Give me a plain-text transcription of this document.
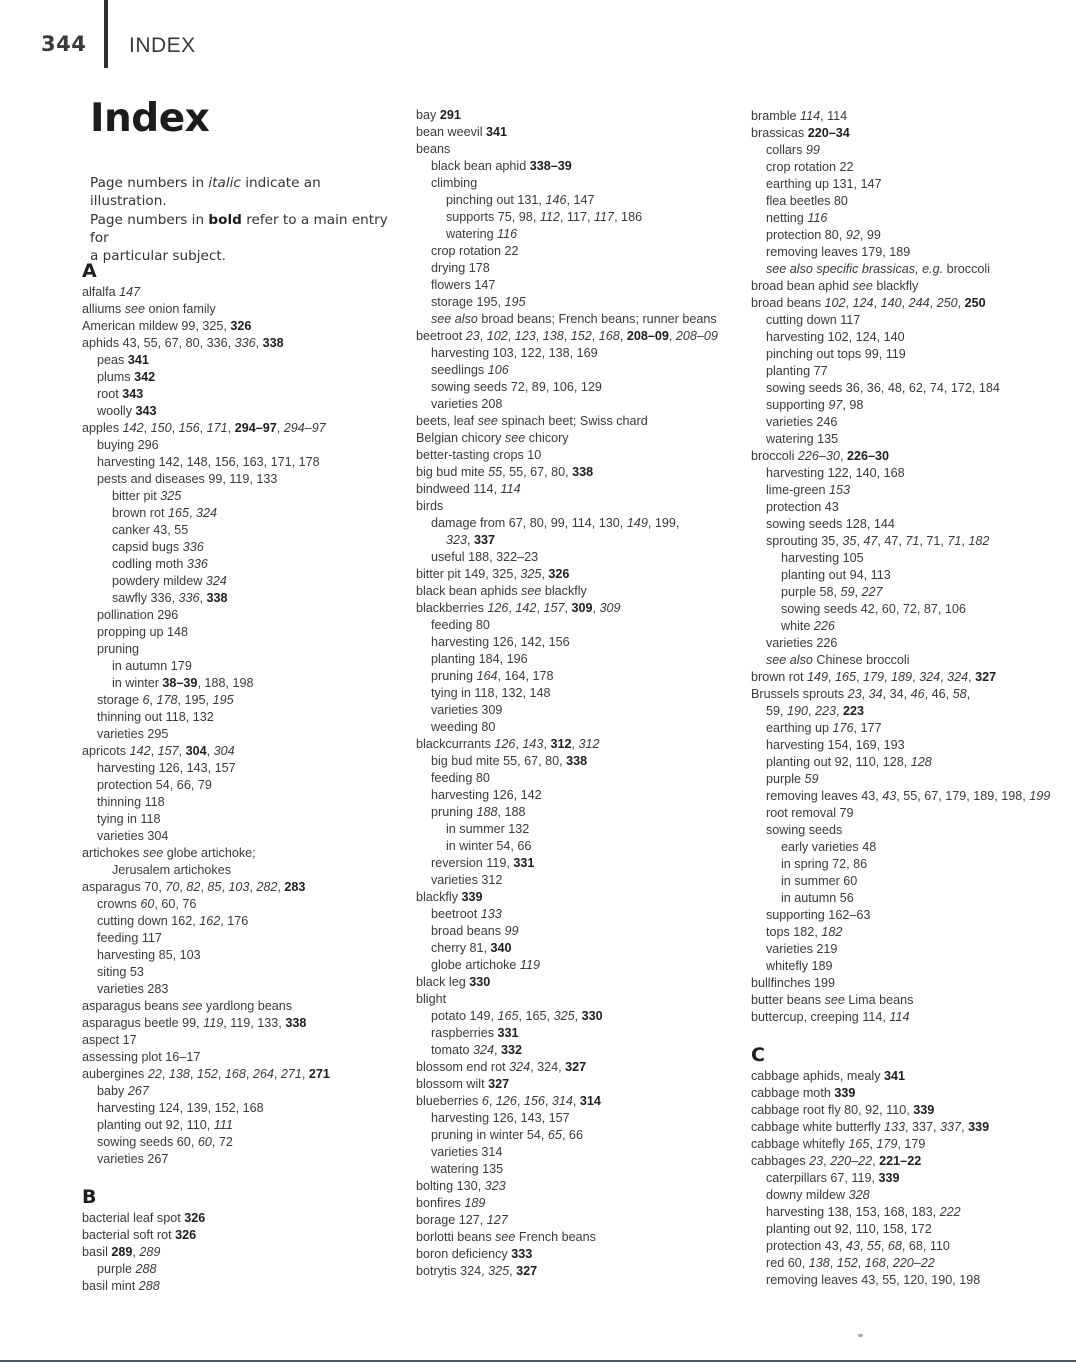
344 INDEX
Index
Page numbers in italic indicate an illustration.
Page numbers in bold refer to a main entry for
a particular subject.
A
alfalfa 147
alliums see onion family
American mildew 99, 325, 326
aphids 43, 55, 67, 80, 336, 336, 338
peas 341
plums 342
root 343
woolly 343
apples 142, 150, 156, 171, 294–97, 294–97
buying 296
harvesting 142, 148, 156, 163, 171, 178
pests and diseases 99, 119, 133
bitter pit 325
brown rot 165, 324
canker 43, 55
capsid bugs 336
codling moth 336
powdery mildew 324
sawfly 336, 336, 338
pollination 296
propping up 148
pruning
in autumn 179
in winter 38–39, 188, 198
storage 6, 178, 195, 195
thinning out 118, 132
varieties 295
apricots 142, 157, 304, 304
harvesting 126, 143, 157
protection 54, 66, 79
thinning 118
tying in 118
varieties 304
artichokes see globe artichoke;
Jerusalem artichokes
asparagus 70, 70, 82, 85, 103, 282, 283
crowns 60, 60, 76
cutting down 162, 162, 176
feeding 117
harvesting 85, 103
siting 53
varieties 283
asparagus beans see yardlong beans
asparagus beetle 99, 119, 119, 133, 338
aspect 17
assessing plot 16–17
aubergines 22, 138, 152, 168, 264, 271, 271
baby 267
harvesting 124, 139, 152, 168
planting out 92, 110, 111
sowing seeds 60, 60, 72
varieties 267
B
bacterial leaf spot 326
bacterial soft rot 326
basil 289, 289
purple 288
basil mint 288
bay 291
bean weevil 341
beans
black bean aphid 338–39
climbing
pinching out 131, 146, 147
supports 75, 98, 112, 117, 117, 186
watering 116
crop rotation 22
drying 178
flowers 147
storage 195, 195
see also broad beans; French beans; runner beans
beetroot 23, 102, 123, 138, 152, 168, 208–09, 208–09
harvesting 103, 122, 138, 169
seedlings 106
sowing seeds 72, 89, 106, 129
varieties 208
beets, leaf see spinach beet; Swiss chard
Belgian chicory see chicory
better-tasting crops 10
big bud mite 55, 55, 67, 80, 338
bindweed 114, 114
birds
damage from 67, 80, 99, 114, 130, 149, 199,
323, 337
useful 188, 322–23
bitter pit 149, 325, 325, 326
black bean aphids see blackfly
blackberries 126, 142, 157, 309, 309
feeding 80
harvesting 126, 142, 156
planting 184, 196
pruning 164, 164, 178
tying in 118, 132, 148
varieties 309
weeding 80
blackcurrants 126, 143, 312, 312
big bud mite 55, 67, 80, 338
feeding 80
harvesting 126, 142
pruning 188, 188
in summer 132
in winter 54, 66
reversion 119, 331
varieties 312
blackfly 339
beetroot 133
broad beans 99
cherry 81, 340
globe artichoke 119
black leg 330
blight
potato 149, 165, 165, 325, 330
raspberries 331
tomato 324, 332
blossom end rot 324, 324, 327
blossom wilt 327
blueberries 6, 126, 156, 314, 314
harvesting 126, 143, 157
pruning in winter 54, 65, 66
varieties 314
watering 135
bolting 130, 323
bonfires 189
borage 127, 127
borlotti beans see French beans
boron deficiency 333
botrytis 324, 325, 327
bramble 114, 114
brassicas 220–34
collars 99
crop rotation 22
earthing up 131, 147
flea beetles 80
netting 116
protection 80, 92, 99
removing leaves 179, 189
see also specific brassicas, e.g. broccoli
broad bean aphid see blackfly
broad beans 102, 124, 140, 244, 250, 250
cutting down 117
harvesting 102, 124, 140
pinching out tops 99, 119
planting 77
sowing seeds 36, 36, 48, 62, 74, 172, 184
supporting 97, 98
varieties 246
watering 135
broccoli 226–30, 226–30
harvesting 122, 140, 168
lime-green 153
protection 43
sowing seeds 128, 144
sprouting 35, 35, 47, 47, 71, 71, 71, 182
harvesting 105
planting out 94, 113
purple 58, 59, 227
sowing seeds 42, 60, 72, 87, 106
white 226
varieties 226
see also Chinese broccoli
brown rot 149, 165, 179, 189, 324, 324, 327
Brussels sprouts 23, 34, 34, 46, 46, 58,
59, 190, 223, 223
earthing up 176, 177
harvesting 154, 169, 193
planting out 92, 110, 128, 128
purple 59
removing leaves 43, 43, 55, 67, 179, 189, 198, 199
root removal 79
sowing seeds
early varieties 48
in spring 72, 86
in summer 60
in autumn 56
supporting 162–63
tops 182, 182
varieties 219
whitefly 189
bullfinches 199
butter beans see Lima beans
buttercup, creeping 114, 114
C
cabbage aphids, mealy 341
cabbage moth 339
cabbage root fly 80, 92, 110, 339
cabbage white butterfly 133, 337, 337, 339
cabbage whitefly 165, 179, 179
cabbages 23, 220–22, 221–22
caterpillars 67, 119, 339
downy mildew 328
harvesting 138, 153, 168, 183, 222
planting out 92, 110, 158, 172
protection 43, 43, 55, 68, 68, 110
red 60, 138, 152, 168, 220–22
removing leaves 43, 55, 120, 190, 198
